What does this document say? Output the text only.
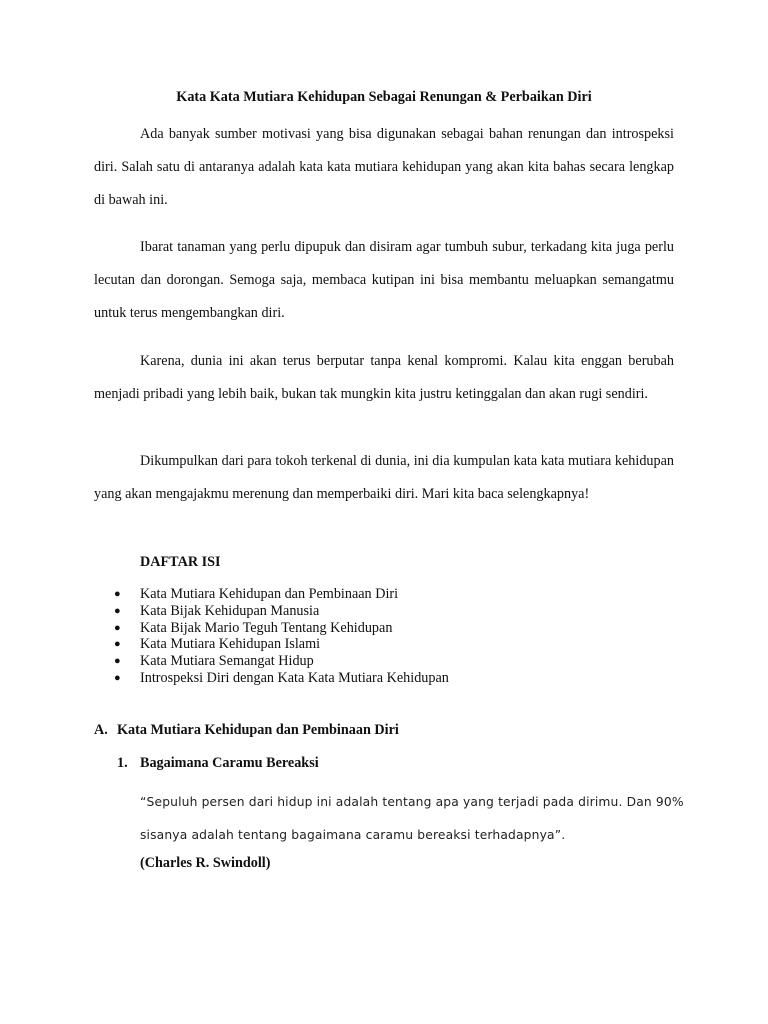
Kata Kata Mutiara Kehidupan Sebagai Renungan & Perbaikan Diri

Ada banyak sumber motivasi yang bisa digunakan sebagai bahan renungan dan introspeksi diri. Salah satu di antaranya adalah kata kata mutiara kehidupan yang akan kita bahas secara lengkap di bawah ini.

Ibarat tanaman yang perlu dipupuk dan disiram agar tumbuh subur, terkadang kita juga perlu lecutan dan dorongan. Semoga saja, membaca kutipan ini bisa membantu meluapkan semangatmu untuk terus mengembangkan diri.

Karena, dunia ini akan terus berputar tanpa kenal kompromi. Kalau kita enggan berubah menjadi pribadi yang lebih baik, bukan tak mungkin kita justru ketinggalan dan akan rugi sendiri.

Dikumpulkan dari para tokoh terkenal di dunia, ini dia kumpulan kata kata mutiara kehidupan yang akan mengajakmu merenung dan memperbaiki diri. Mari kita baca selengkapnya!

DAFTAR ISI
● Kata Mutiara Kehidupan dan Pembinaan Diri
● Kata Bijak Kehidupan Manusia
● Kata Bijak Mario Teguh Tentang Kehidupan
● Kata Mutiara Kehidupan Islami
● Kata Mutiara Semangat Hidup
● Introspeksi Diri dengan Kata Kata Mutiara Kehidupan
A. Kata Mutiara Kehidupan dan Pembinaan Diri
1. Bagaimana Caramu Bereaksi
“Sepuluh persen dari hidup ini adalah tentang apa yang terjadi pada dirimu. Dan 90%
sisanya adalah tentang bagaimana caramu bereaksi terhadapnya”.
(Charles R. Swindoll)
